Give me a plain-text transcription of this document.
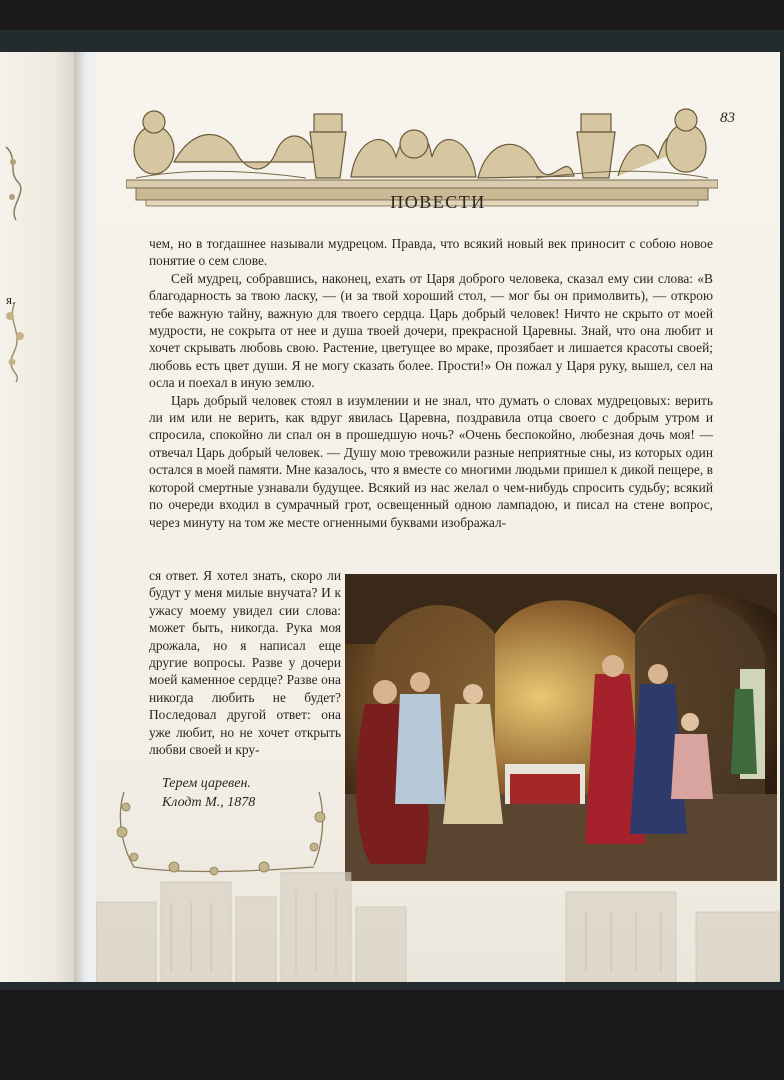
я.
83
ПОВЕСТИ

чем, но в тогдашнее называли мудрецом. Правда, что всякий новый век приносит с собою новое понятие о сем слове.

Сей мудрец, собравшись, наконец, ехать от Царя доброго человека, сказал ему сии слова: «В благодарность за твою ласку, — (и за твой хороший стол, — мог бы он примолвить), — открою тебе важную тайну, важную для твоего сердца. Царь добрый человек! Ничто не скрыто от моей мудрости, не сокрыта от нее и душа твоей дочери, прекрасной Царевны. Знай, что она любит и хочет скрывать любовь свою. Растение, цветущее во мраке, прозябает и лишается красоты своей; любовь есть цвет души. Я не могу сказать более. Прости!» Он пожал у Царя руку, вышел, сел на осла и поехал в иную землю.

Царь добрый человек стоял в изумлении и не знал, что думать о словах мудрецовых: верить ли им или не верить, как вдруг явилась Царевна, поздравила отца своего с добрым утром и спросила, спокойно ли спал он в прошедшую ночь? «Очень беспокойно, любезная дочь моя! — отвечал Царь добрый человек. — Душу мою тревожили разные неприятные сны, из которых один остался в моей памяти. Мне казалось, что я вместе со многими людьми пришел к дикой пещере, в которой смертные узнавали будущее. Всякий из нас желал о чем-нибудь спросить судьбу; всякий по очереди входил в сумрачный грот, освещенный одною лампадою, и писал на стене вопрос, через минуту на том же месте огненными буквами изображал-

ся ответ. Я хотел знать, скоро ли будут у меня милые внучата? И к ужасу моему увидел сии слова: может быть, никогда. Рука моя дрожала, но я написал еще другие вопросы. Разве у дочери моей каменное сердце? Разве она никогда любить не будет? Последовал другой ответ: она уже любит, но не хочет открыть любви своей и кру-
Терем царевен.
Клодт М., 1878
